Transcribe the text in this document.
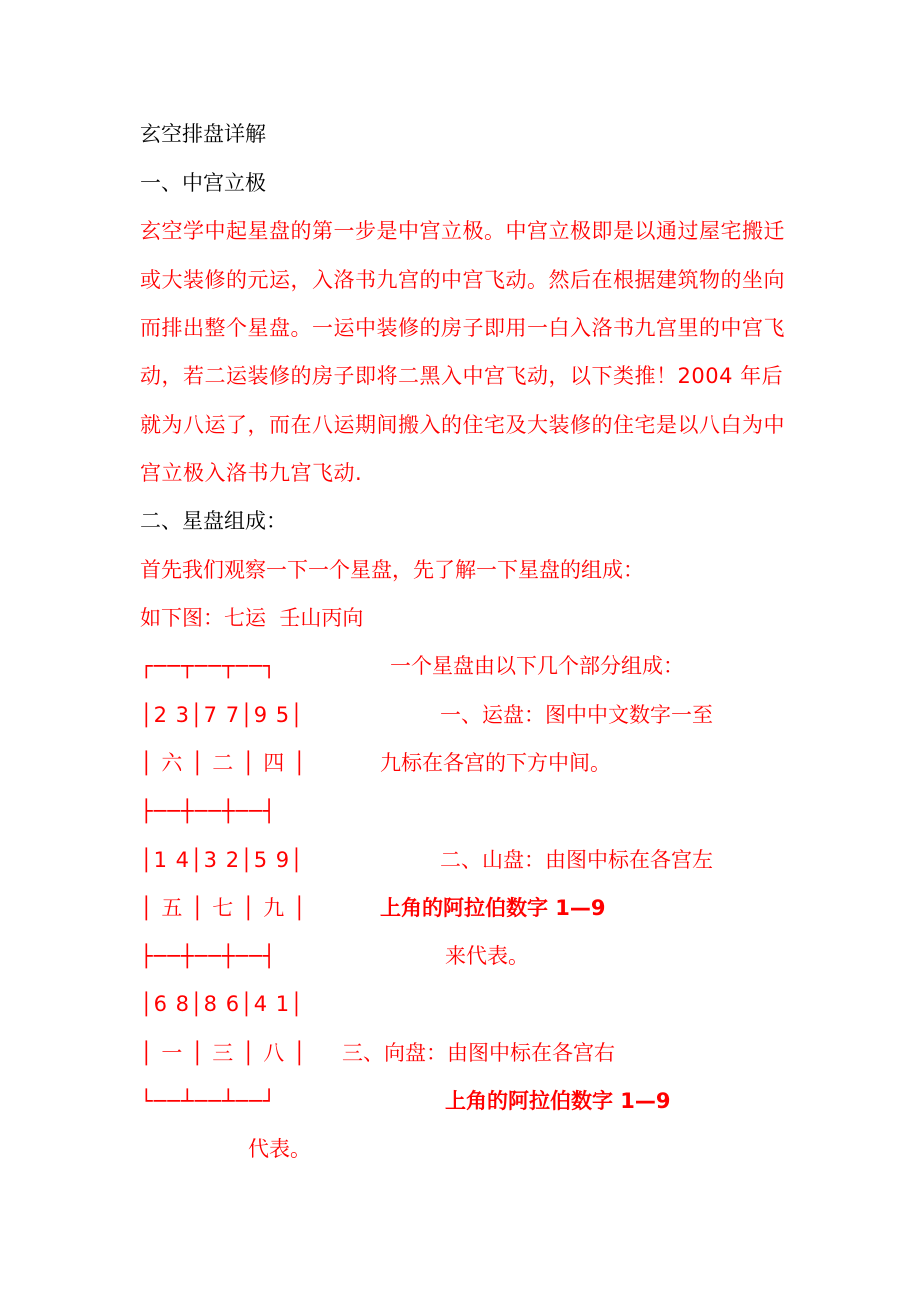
玄空排盘详解
一、中宫立极
玄空学中起星盘的第一步是中宫立极。中宫立极即是以通过屋宅搬迁
或大装修的元运，入洛书九宫的中宫飞动。然后在根据建筑物的坐向
而排出整个星盘。一运中装修的房子即用一白入洛书九宫里的中宫飞
动，若二运装修的房子即将二黑入中宫飞动，以下类推！2004 年后
就为八运了，而在八运期间搬入的住宅及大装修的住宅是以八白为中
宫立极入洛书九宫飞动.
二、星盘组成：
首先我们观察一下一个星盘，先了解一下星盘的组成：
如下图：七运  壬山丙向
┌──┬──┬──┐
│2 3│7 7│9 5│
│ 六 │ 二 │ 四 │
├──┼──┼──┤
│1 4│3 2│5 9│
│ 五 │ 七 │ 九 │
├──┼──┼──┤
│6 8│8 6│4 1│
│ 一 │ 三 │ 八 │
└──┴──┴──┘
一个星盘由以下几个部分组成：
一、运盘：图中中文数字一至
九标在各宫的下方中间。
二、山盘：由图中标在各宫左
上角的阿拉伯数字 1—9
来代表。
三、向盘：由图中标在各宫右
上角的阿拉伯数字 1—9
代表。
